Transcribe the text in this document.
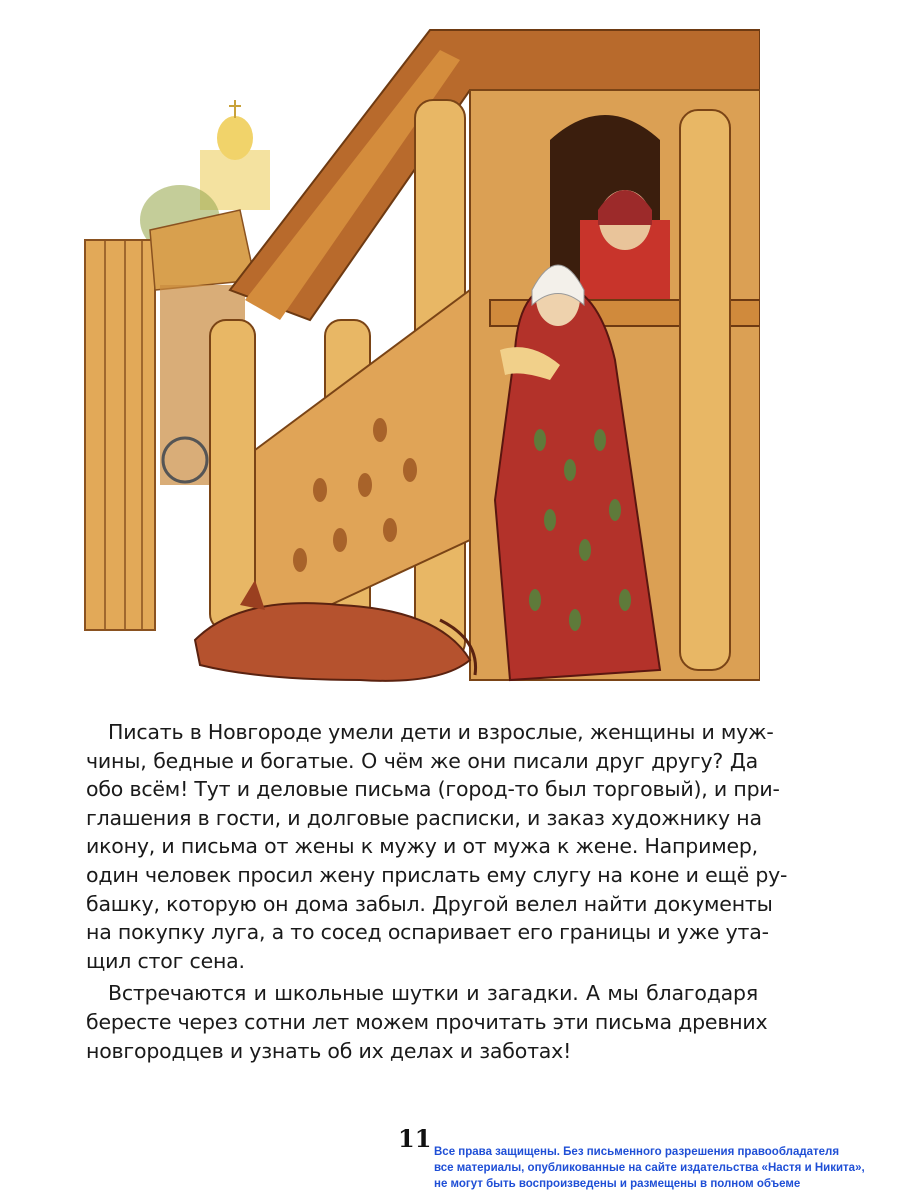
Писать в Новгороде умели дети и взрослые, женщины и муж-
чины, бедные и богатые. О чём же они писали друг другу? Да
обо всём! Тут и деловые письма (город-то был торговый), и при-
глашения в гости, и долговые расписки, и заказ художнику на
икону, и письма от жены к мужу и от мужа к жене. Например,
один человек просил жену прислать ему слугу на коне и ещё ру-
башку, которую он дома забыл. Другой велел найти документы
на покупку луга, а то сосед оспаривает его границы и уже ута-
щил стог сена.

Встречаются и школьные шутки и загадки. А мы благодаря
бересте через сотни лет можем прочитать эти письма древних
новгородцев и узнать об их делах и заботах!

11 Все права защищены. Без письменного разрешения правообладателя
все материалы, опубликованные на сайте издательства «Настя и Никита»,
не могут быть воспроизведены и размещены в полном объеме
